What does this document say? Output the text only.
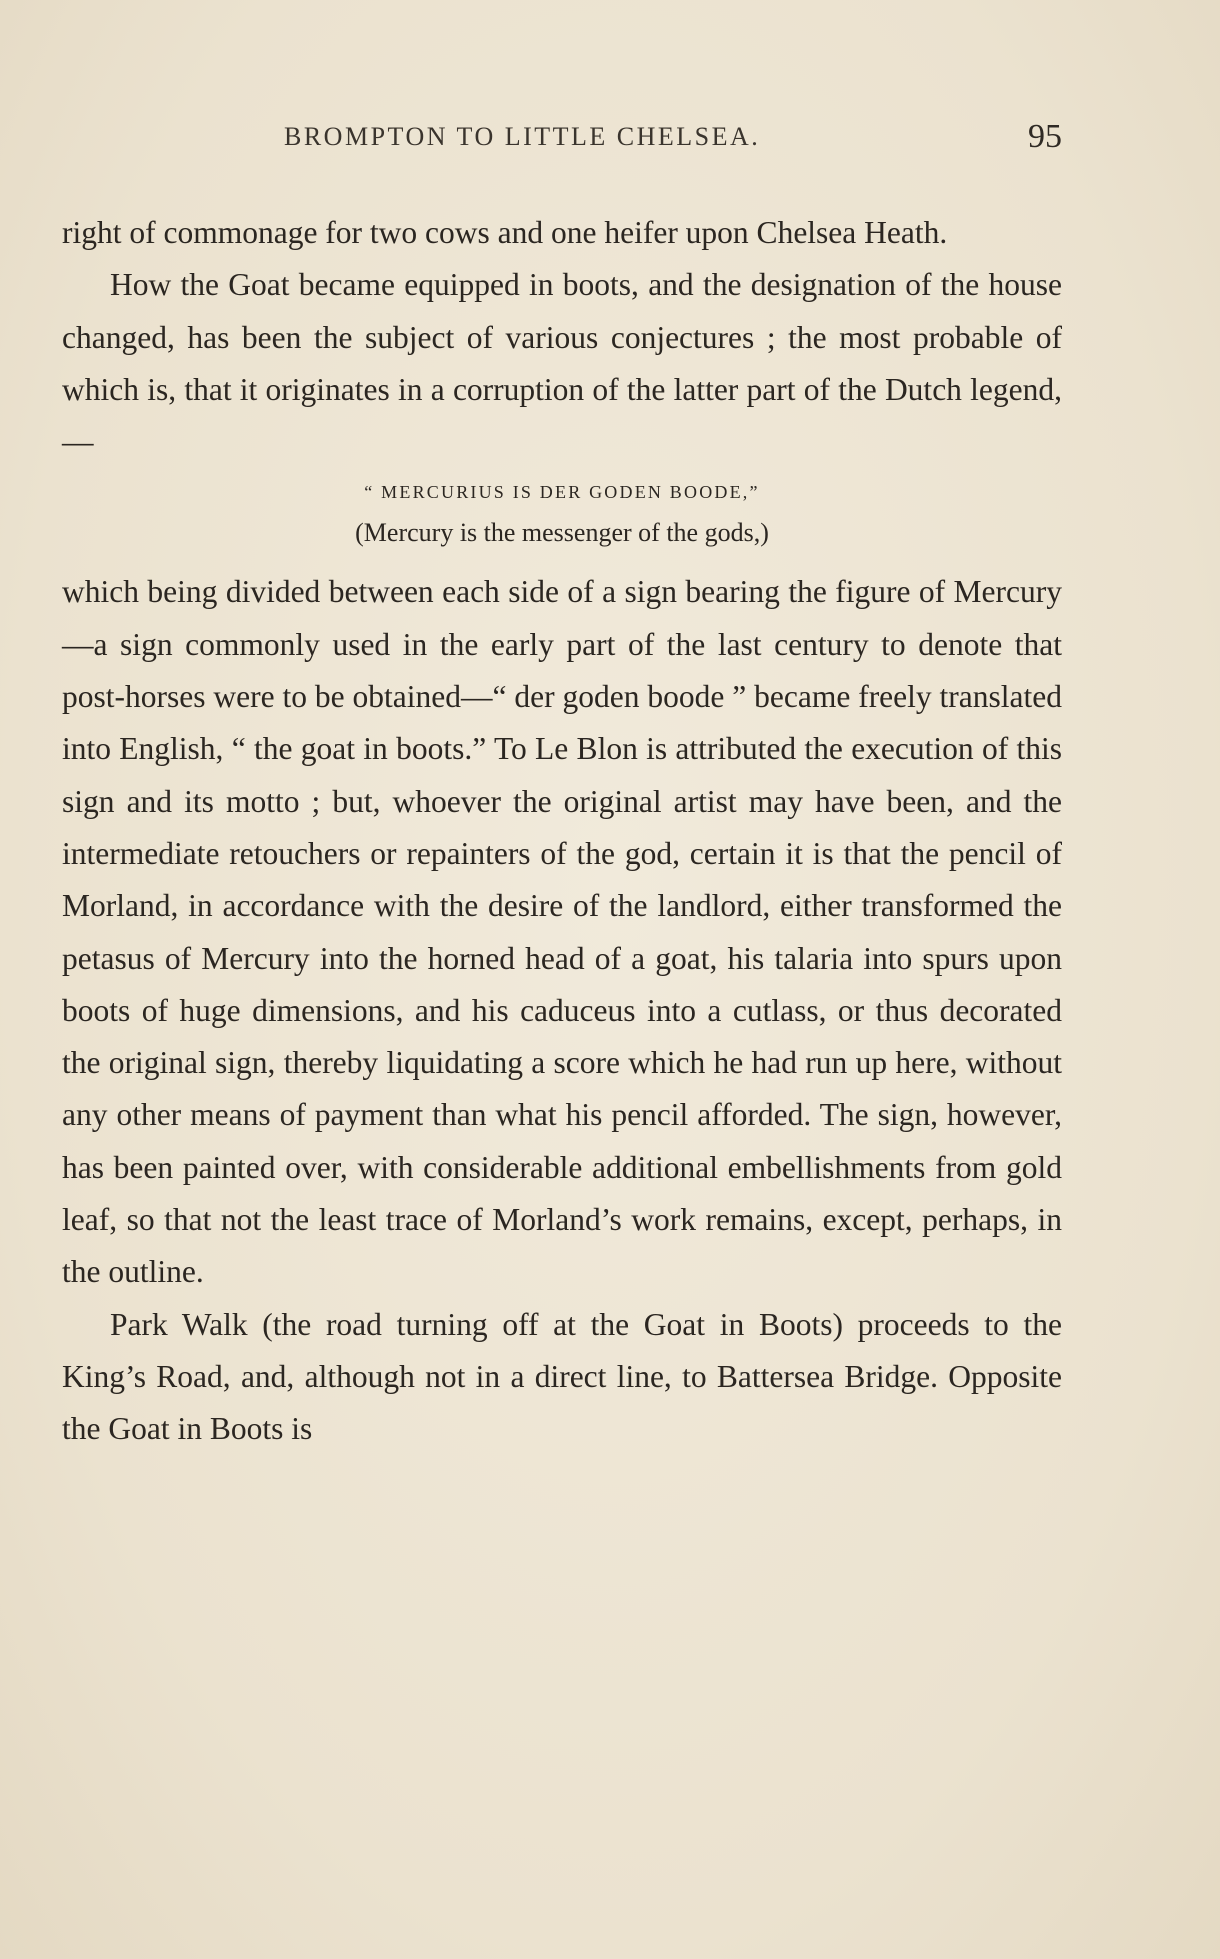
BROMPTON TO LITTLE CHELSEA.	95

right of commonage for two cows and one heifer upon Chelsea Heath.

How the Goat became equipped in boots, and the designation of the house changed, has been the subject of various conjectures ; the most probable of which is, that it originates in a corruption of the latter part of the Dutch legend,—

“ MERCURIUS IS DER GODEN BOODE,”

(Mercury is the messenger of the gods,)

which being divided between each side of a sign bearing the figure of Mercury—a sign commonly used in the early part of the last century to denote that post-horses were to be obtained—“ der goden boode ” became freely translated into English, “ the goat in boots.” To Le Blon is attributed the execution of this sign and its motto ; but, whoever the original artist may have been, and the intermediate retouchers or repainters of the god, certain it is that the pencil of Morland, in accordance with the desire of the landlord, either transformed the petasus of Mercury into the horned head of a goat, his talaria into spurs upon boots of huge dimensions, and his caduceus into a cutlass, or thus decorated the original sign, thereby liquidating a score which he had run up here, without any other means of payment than what his pencil afforded. The sign, however, has been painted over, with considerable additional embellishments from gold leaf, so that not the least trace of Morland’s work remains, except, perhaps, in the outline.

Park Walk (the road turning off at the Goat in Boots) proceeds to the King’s Road, and, although not in a direct line, to Battersea Bridge. Opposite the Goat in Boots is
